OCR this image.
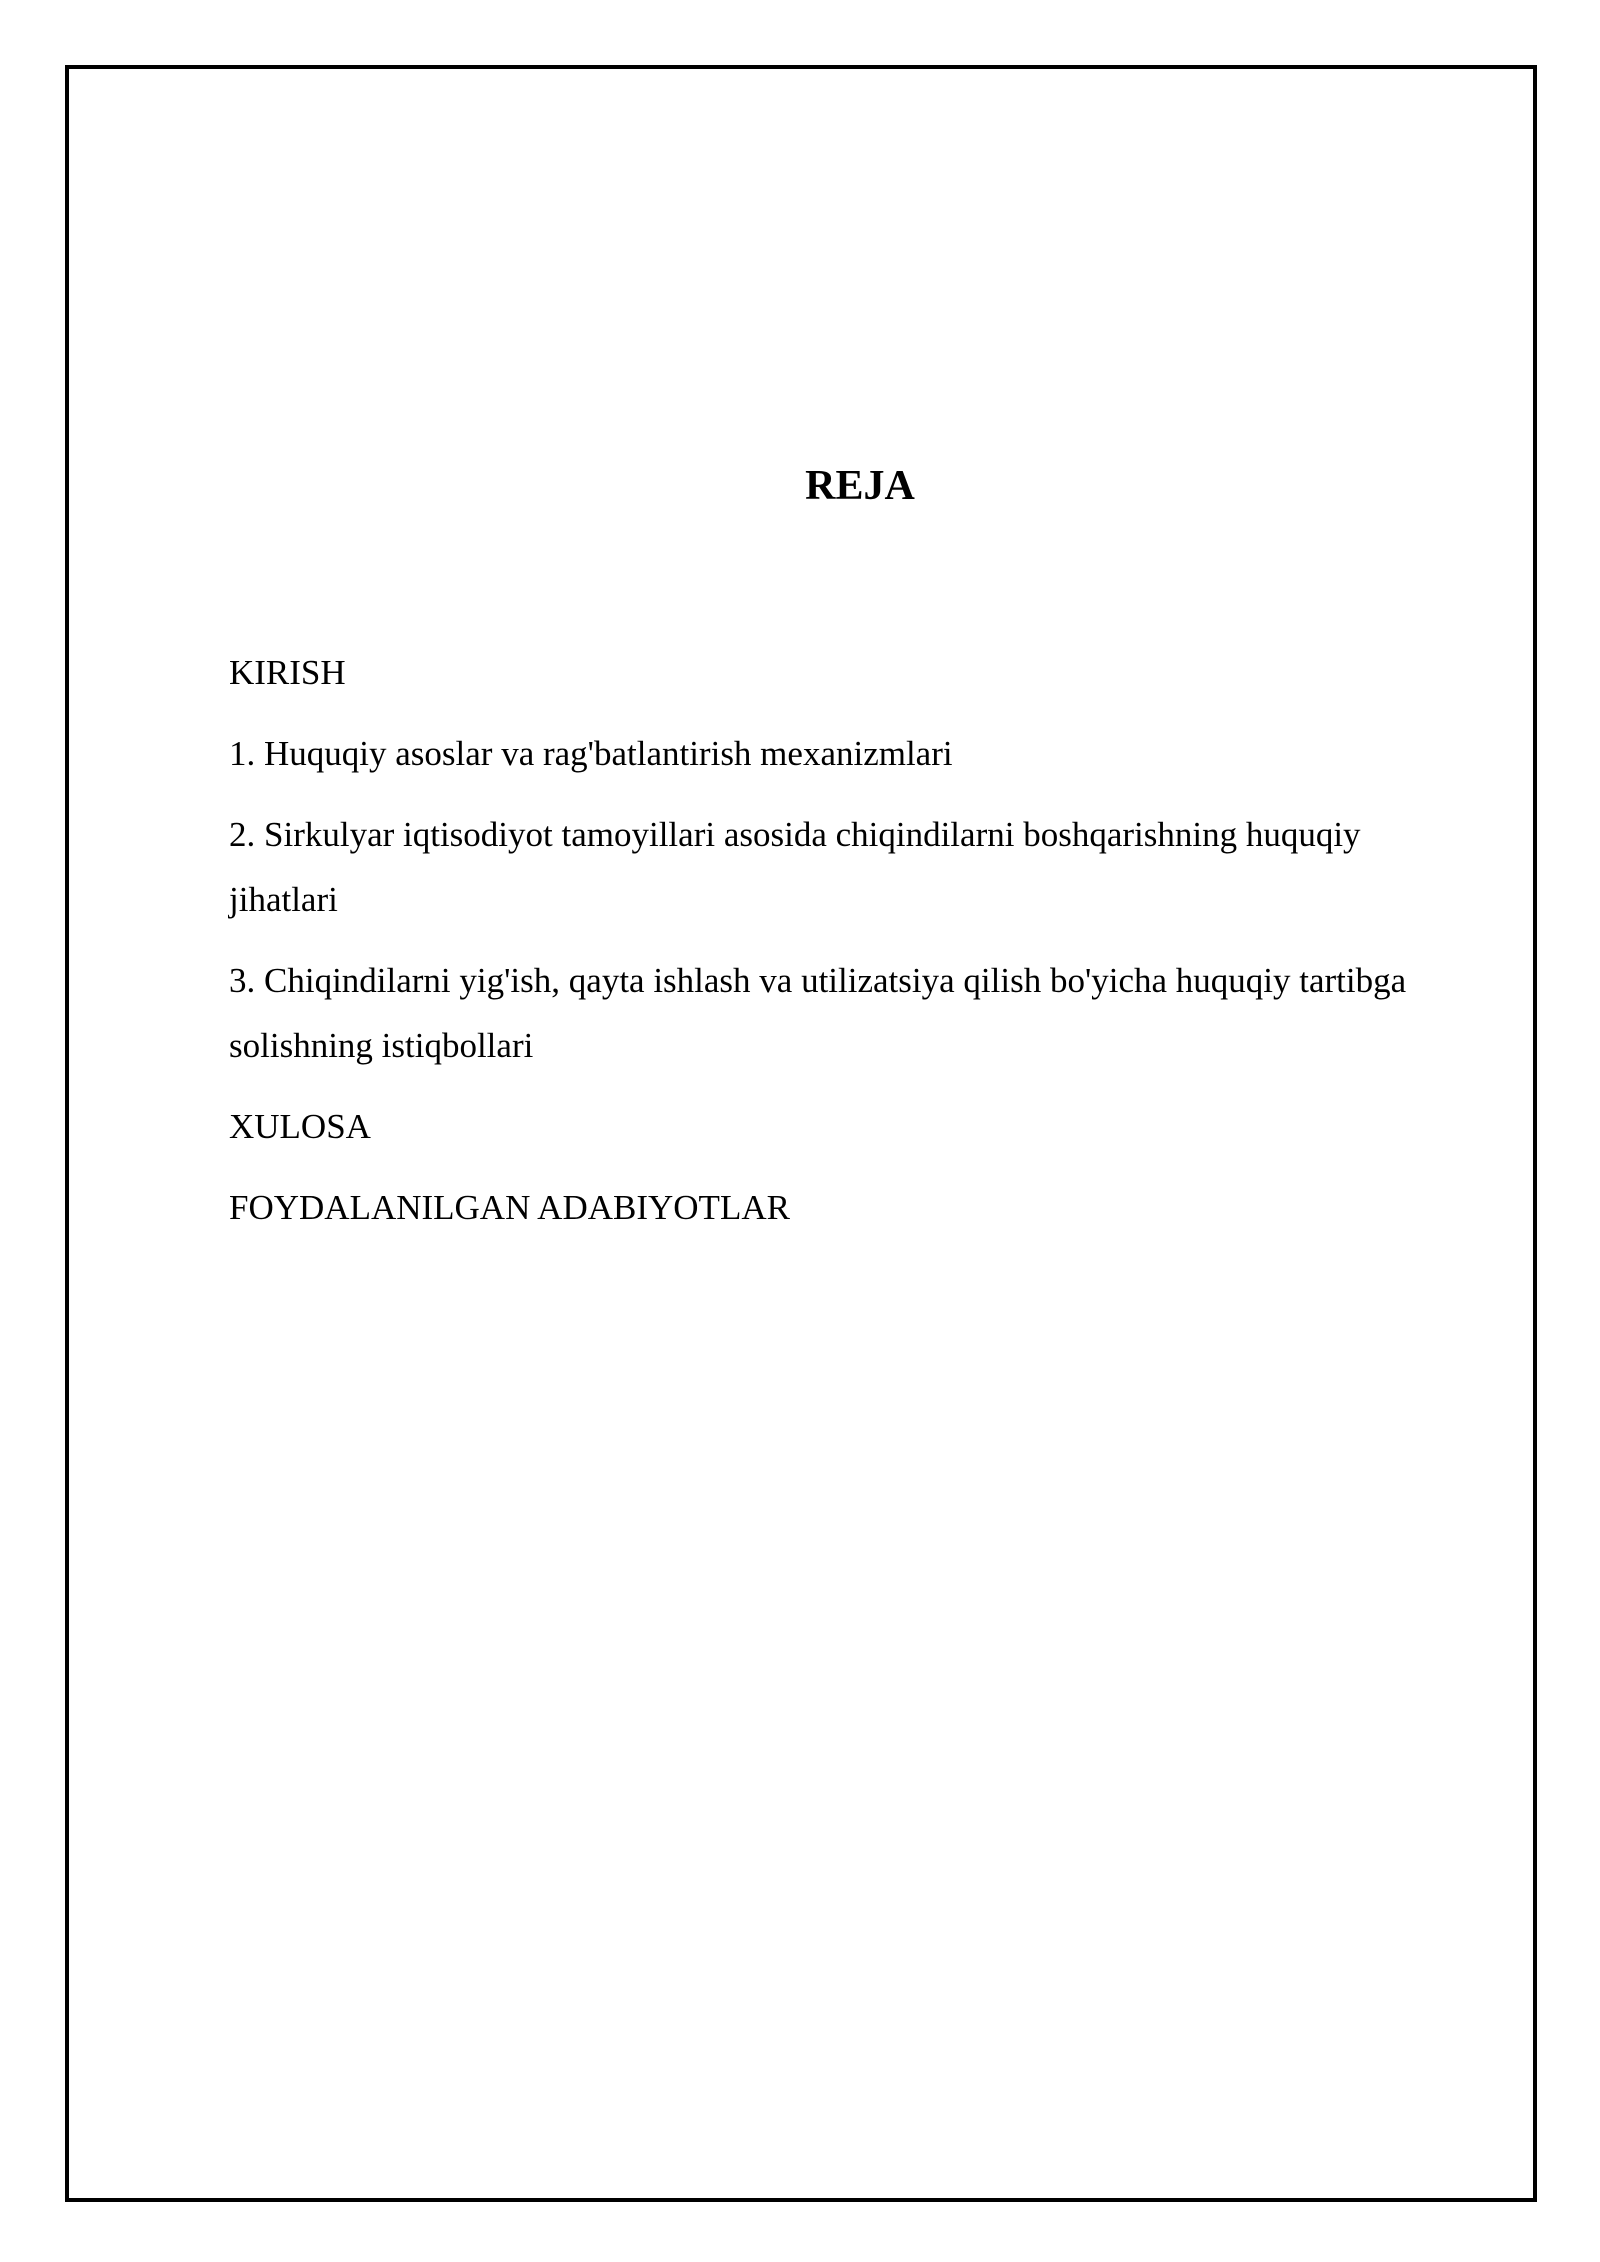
REJA
KIRISH
1. Huquqiy asoslar va rag'batlantirish mexanizmlari
2. Sirkulyar iqtisodiyot tamoyillari asosida chiqindilarni boshqarishning huquqiy jihatlari
3. Chiqindilarni yig'ish, qayta ishlash va utilizatsiya qilish bo'yicha huquqiy tartibga solishning istiqbollari
XULOSA
FOYDALANILGAN ADABIYOTLAR
